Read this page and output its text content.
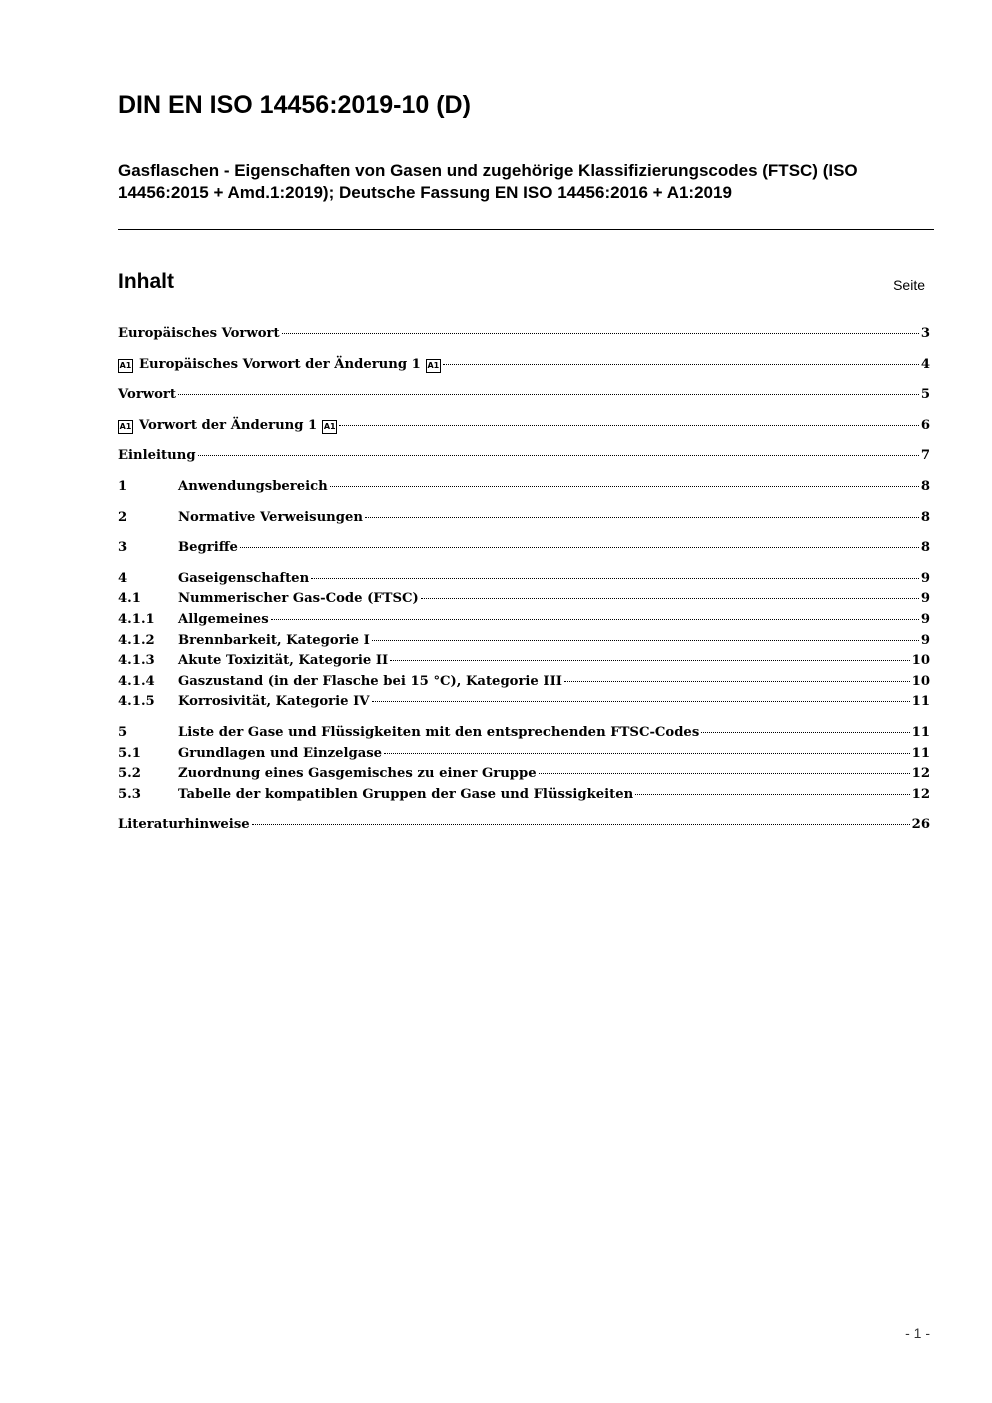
DIN EN ISO 14456:2019-10 (D)
Gasflaschen - Eigenschaften von Gasen und zugehörige Klassifizierungscodes (FTSC) (ISO 14456:2015 + Amd.1:2019); Deutsche Fassung EN ISO 14456:2016 + A1:2019
Inhalt	Seite
Europäisches Vorwort	3
A1 Europäisches Vorwort der Änderung 1 A1	4
Vorwort	5
A1 Vorwort der Änderung 1 A1	6
Einleitung	7
1	Anwendungsbereich	8
2	Normative Verweisungen	8
3	Begriffe	8
4	Gaseigenschaften	9
4.1	Nummerischer Gas-Code (FTSC)	9
4.1.1	Allgemeines	9
4.1.2	Brennbarkeit, Kategorie I	9
4.1.3	Akute Toxizität, Kategorie II	10
4.1.4	Gaszustand (in der Flasche bei 15 °C), Kategorie III	10
4.1.5	Korrosivität, Kategorie IV	11
5	Liste der Gase und Flüssigkeiten mit den entsprechenden FTSC-Codes	11
5.1	Grundlagen und Einzelgase	11
5.2	Zuordnung eines Gasgemisches zu einer Gruppe	12
5.3	Tabelle der kompatiblen Gruppen der Gase und Flüssigkeiten	12
Literaturhinweise	26
- 1 -
